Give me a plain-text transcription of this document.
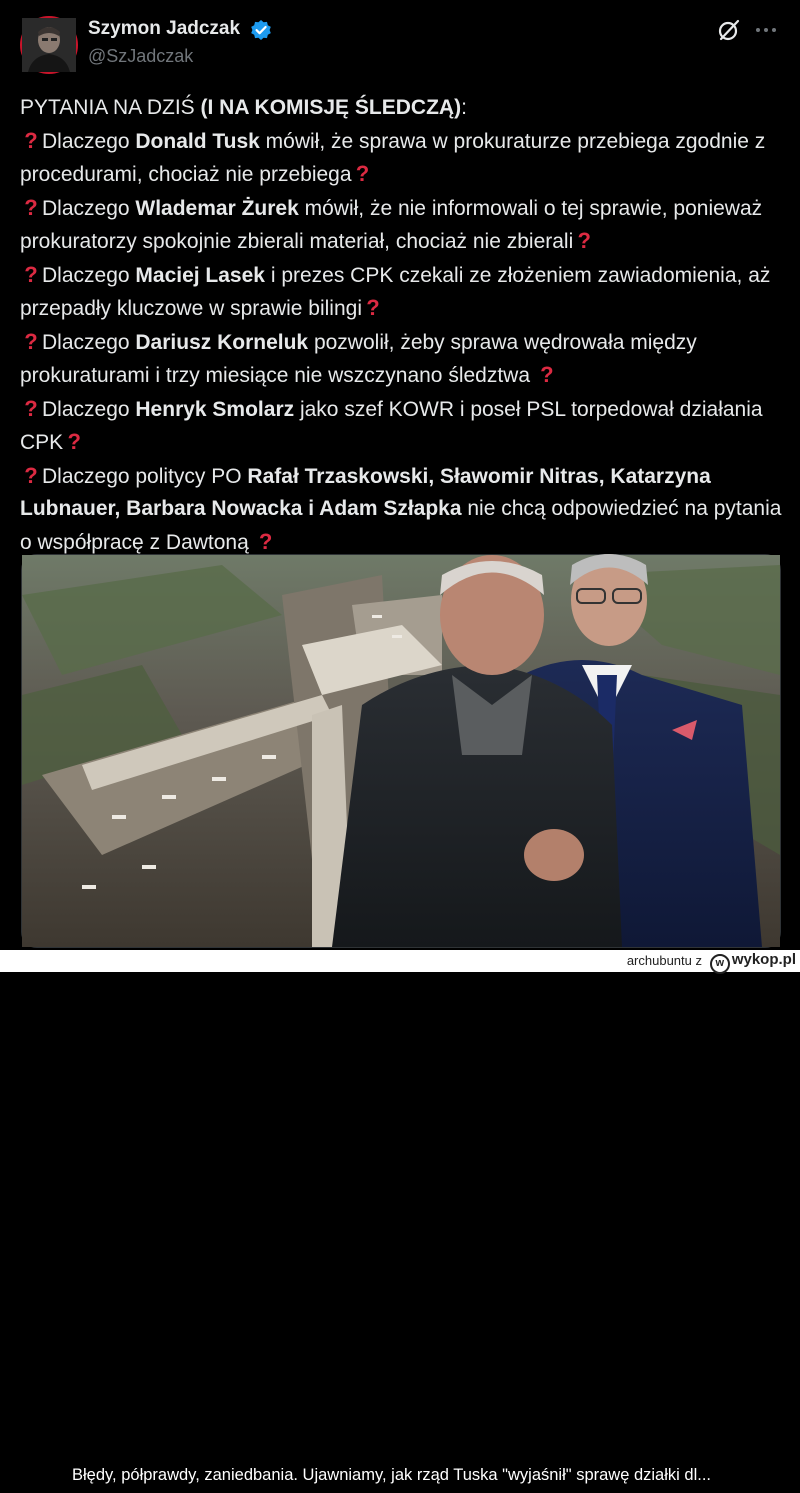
Szymon Jadczak
@SzJadczak

PYTANIA NA DZIŚ (I NA KOMISJĘ ŚLEDCZĄ):

? Dlaczego Donald Tusk mówił, że sprawa w prokuraturze przebiega zgodnie z procedurami, chociaż nie przebiega ?

? Dlaczego Wlademar Żurek mówił, że nie informowali o tej sprawie, ponieważ prokuratorzy spokojnie zbierali materiał, chociaż nie zbierali ?

? Dlaczego Maciej Lasek i prezes CPK czekali ze złożeniem zawiadomienia, aż przepadły kluczowe w sprawie bilingi ?

? Dlaczego Dariusz Korneluk pozwolił, żeby sprawa wędrowała między prokuraturami i trzy miesiące nie wszczynano śledztwa ?

? Dlaczego Henryk Smolarz jako szef KOWR i poseł PSL torpedował działania CPK ?

? Dlaczego politycy PO Rafał Trzaskowski, Sławomir Nitras, Katarzyna Lubnauer, Barbara Nowacka i Adam Szłapka nie chcą odpowiedzieć na pytania o współpracę z Dawtoną ?

Błędy, półprawdy, zaniedbania. Ujawniamy, jak rząd Tuska "wyjaśnił" sprawę działki dl...
archubuntu z	w wykop.pl
